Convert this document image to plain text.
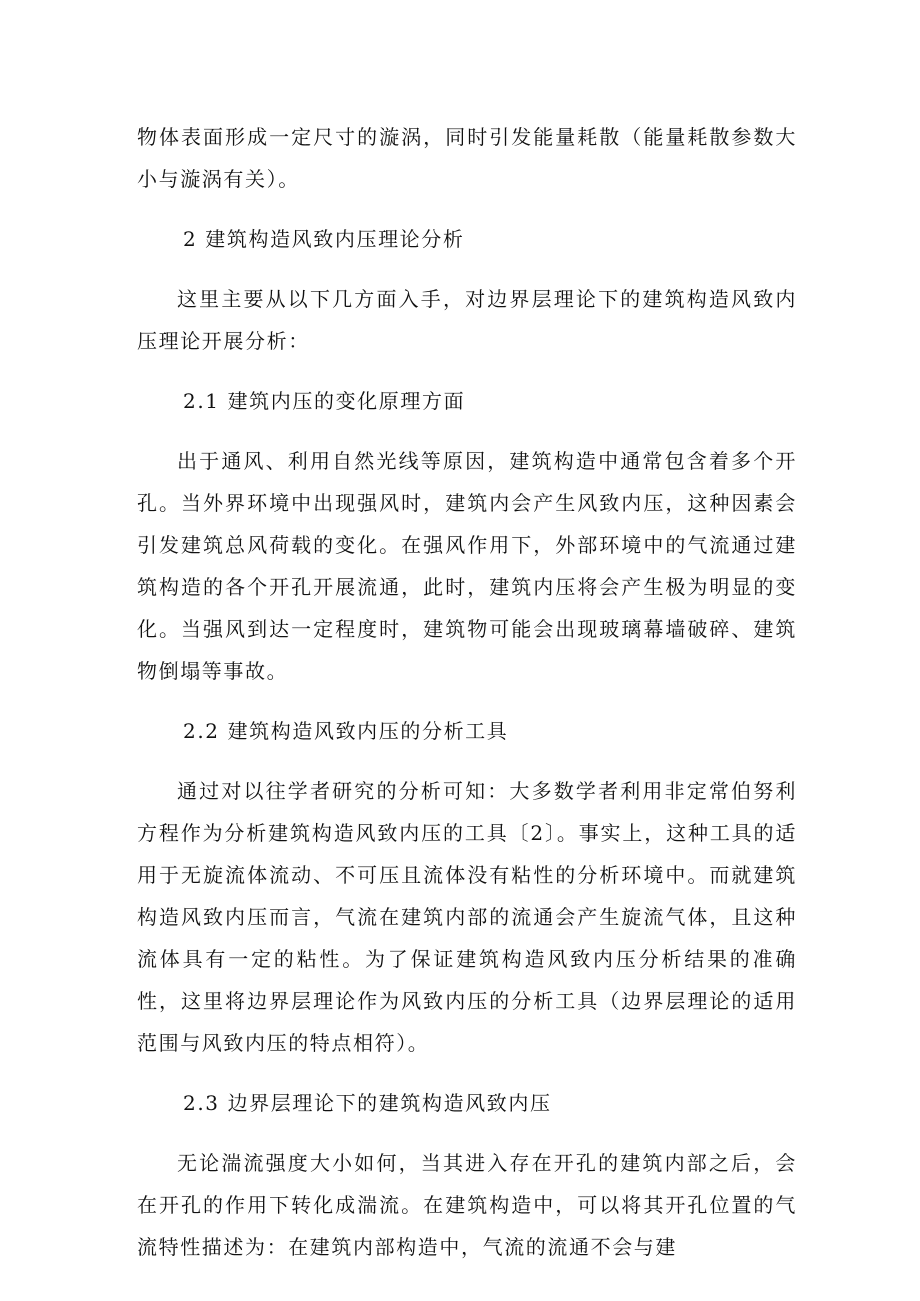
物体表面形成一定尺寸的漩涡，同时引发能量耗散（能量耗散参数大小与漩涡有关）。

2 建筑构造风致内压理论分析

这里主要从以下几方面入手，对边界层理论下的建筑构造风致内压理论开展分析：

2.1 建筑内压的变化原理方面

出于通风、利用自然光线等原因，建筑构造中通常包含着多个开孔。当外界环境中出现强风时，建筑内会产生风致内压，这种因素会引发建筑总风荷载的变化。在强风作用下，外部环境中的气流通过建筑构造的各个开孔开展流通，此时，建筑内压将会产生极为明显的变化。当强风到达一定程度时，建筑物可能会出现玻璃幕墙破碎、建筑物倒塌等事故。

2.2 建筑构造风致内压的分析工具

通过对以往学者研究的分析可知：大多数学者利用非定常伯努利方程作为分析建筑构造风致内压的工具〔2〕。事实上，这种工具的适用于无旋流体流动、不可压且流体没有粘性的分析环境中。而就建筑构造风致内压而言，气流在建筑内部的流通会产生旋流气体，且这种流体具有一定的粘性。为了保证建筑构造风致内压分析结果的准确性，这里将边界层理论作为风致内压的分析工具（边界层理论的适用范围与风致内压的特点相符）。

2.3 边界层理论下的建筑构造风致内压

无论湍流强度大小如何，当其进入存在开孔的建筑内部之后，会在开孔的作用下转化成湍流。在建筑构造中，可以将其开孔位置的气流特性描述为：在建筑内部构造中，气流的流通不会与建
